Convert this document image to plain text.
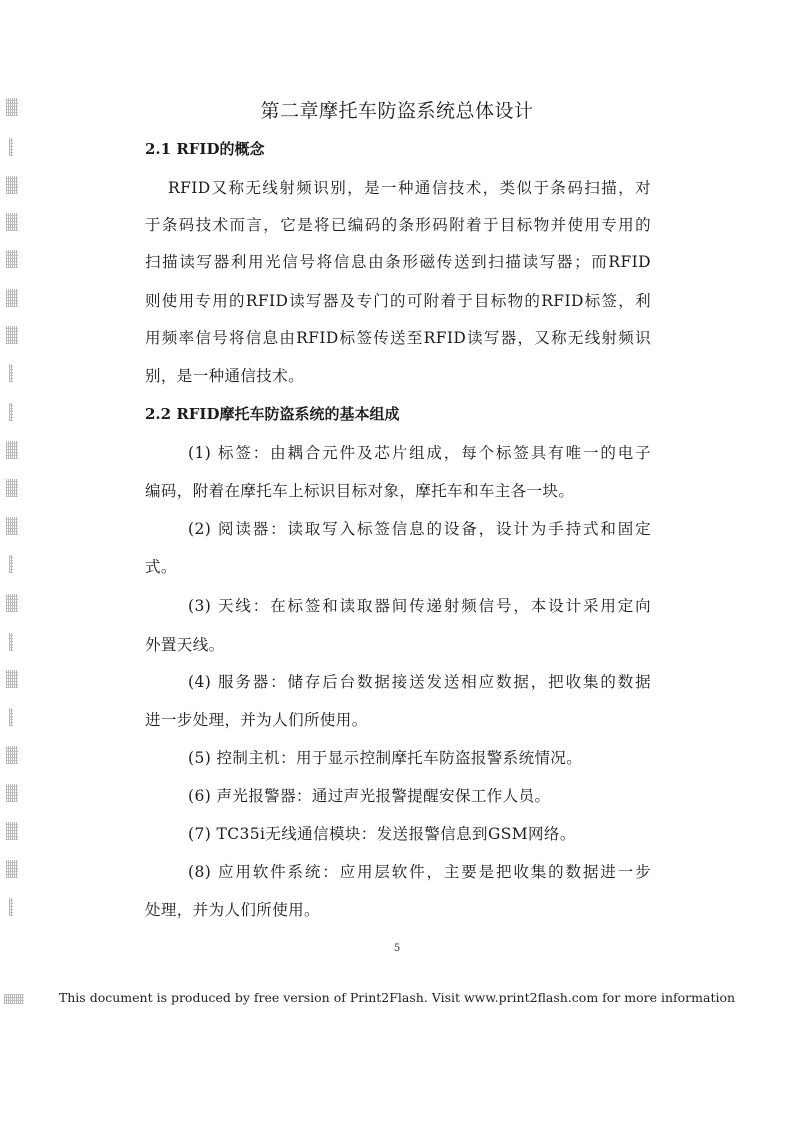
第二章摩托车防盗系统总体设计
2.1 RFID的概念
RFID又称无线射频识别，是一种通信技术，类似于条码扫描，对
于条码技术而言，它是将已编码的条形码附着于目标物并使用专用的
扫描读写器利用光信号将信息由条形磁传送到扫描读写器；而RFID
则使用专用的RFID读写器及专门的可附着于目标物的RFID标签，利
用频率信号将信息由RFID标签传送至RFID读写器，又称无线射频识
别，是一种通信技术。
2.2 RFID摩托车防盗系统的基本组成
(1) 标签：由耦合元件及芯片组成，每个标签具有唯一的电子
编码，附着在摩托车上标识目标对象，摩托车和车主各一块。
(2) 阅读器：读取写入标签信息的设备，设计为手持式和固定
式。
(3) 天线：在标签和读取器间传递射频信号，本设计采用定向
外置天线。
(4) 服务器：储存后台数据接送发送相应数据，把收集的数据
进一步处理，并为人们所使用。
(5) 控制主机：用于显示控制摩托车防盗报警系统情况。
(6) 声光报警器：通过声光报警提醒安保工作人员。
(7) TC35i无线通信模块：发送报警信息到GSM网络。
(8) 应用软件系统：应用层软件，主要是把收集的数据进一步
处理，并为人们所使用。
5
This document is produced by free version of Print2Flash. Visit www.print2flash.com for more information
